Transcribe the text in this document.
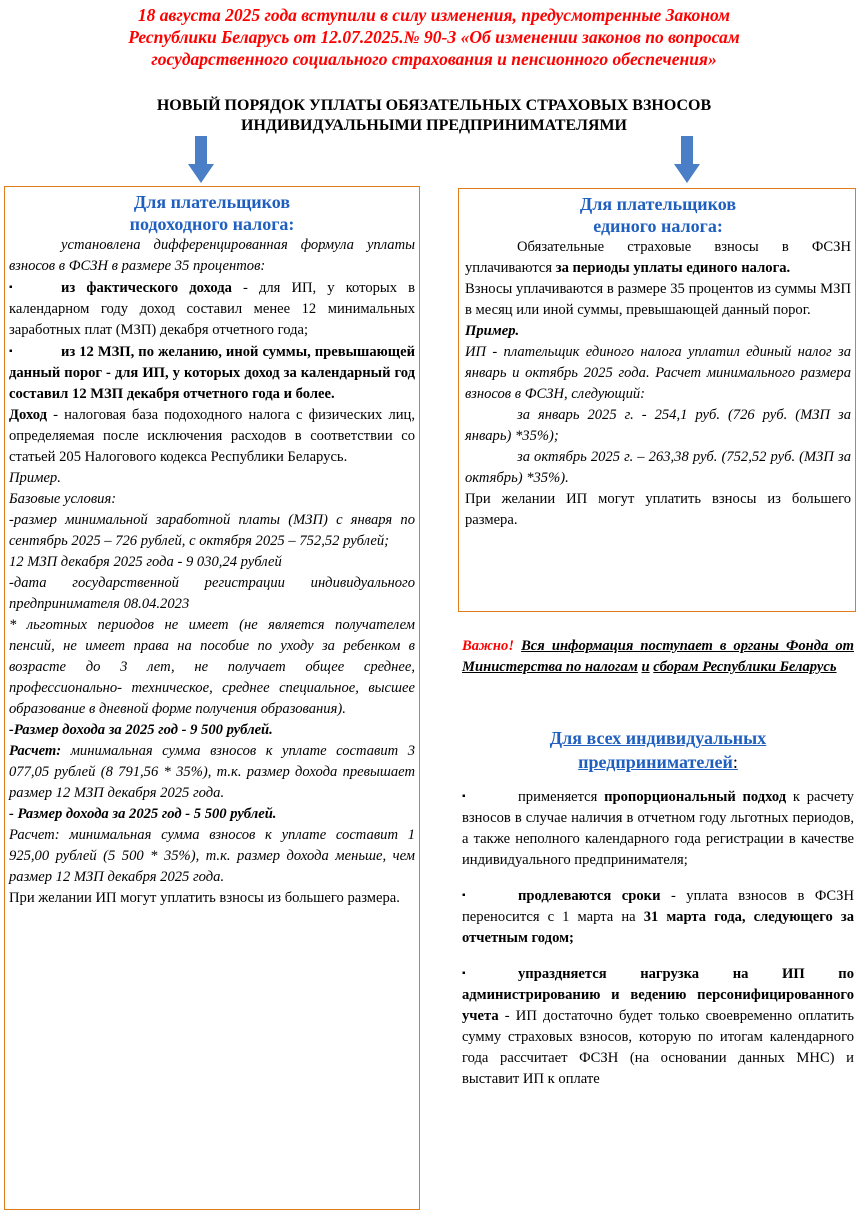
18 августа 2025 года вступили в силу изменения, предусмотренные Законом
Республики Беларусь от 12.07.2025.№ 90-З «Об изменении законов по вопросам
государственного социального страхования и пенсионного обеспечения»
НОВЫЙ ПОРЯДОК УПЛАТЫ ОБЯЗАТЕЛЬНЫХ СТРАХОВЫХ ВЗНОСОВ
ИНДИВИДУАЛЬНЫМИ ПРЕДПРИНИМАТЕЛЯМИ
Для плательщиков
подоходного налога:

установлена дифференцированная формула уплаты взносов в ФСЗН в размере 35 процентов:

▪	из фактического дохода - для ИП, у которых в календарном году доход составил менее 12 минимальных заработных плат (МЗП) декабря отчетного года;

▪	из 12 МЗП, по желанию, иной суммы, превышающей данный порог - для ИП, у которых доход за календарный год составил 12 МЗП декабря отчетного года и более.

Доход - налоговая база подоходного налога с физических лиц, определяемая после исключения расходов в соответствии со статьей 205 Налогового кодекса Республики Беларусь.

Пример.

Базовые условия:

-размер минимальной заработной платы (МЗП) с января по сентябрь 2025 – 726 рублей, с октября 2025 – 752,52 рублей;

12 МЗП декабря 2025 года - 9 030,24 рублей

-дата государственной регистрации индивидуального предпринимателя 08.04.2023

* льготных периодов не имеет (не является получателем пенсий, не имеет права на пособие по уходу за ребенком в возрасте до 3 лет, не получает общее среднее, профессионально- техническое, среднее специальное, высшее образование в дневной форме получения образования).

-Размер дохода за 2025 год - 9 500 рублей.

Расчет: минимальная сумма взносов к уплате составит 3 077,05 рублей (8 791,56 * 35%), т.к. размер дохода превышает размер 12 МЗП декабря 2025 года.

- Размер дохода за 2025 год - 5 500 рублей.

Расчет: минимальная сумма взносов к уплате составит 1 925,00 рублей (5 500 * 35%), т.к. размер дохода меньше, чем размер 12 МЗП декабря 2025 года.

При желании ИП могут уплатить взносы из большего размера.

Для плательщиков
единого налога:

Обязательные страховые взносы в ФСЗН уплачиваются за периоды уплаты единого налога.

Взносы уплачиваются в размере 35 процентов из суммы МЗП в месяц или иной суммы, превышающей данный порог.

Пример.

ИП - плательщик единого налога уплатил единый налог за январь и октябрь 2025 года. Расчет минимального размера взносов в ФСЗН, следующий:

за январь 2025 г. - 254,1 руб. (726 руб. (МЗП за январь) *35%);

за октябрь 2025 г. – 263,38 руб. (752,52 руб. (МЗП за октябрь) *35%).

При желании ИП могут уплатить взносы из большего размера.

Важно! Вся информация поступает в органы Фонда от Министерства по налогам и сборам Республики Беларусь
Для всех индивидуальных
предпринимателей:

▪	применяется пропорциональный подход к расчету взносов в случае наличия в отчетном году льготных периодов, а также неполного календарного года регистрации в качестве индивидуального предпринимателя;

▪	продлеваются сроки - уплата взносов в ФСЗН переносится с 1 марта на 31 марта года, следующего за отчетным годом;

▪	упраздняется нагрузка на ИП по администрированию и ведению персонифицированного учета - ИП достаточно будет только своевременно оплатить сумму страховых взносов, которую по итогам календарного года рассчитает ФСЗН (на основании данных МНС) и выставит ИП к оплате
